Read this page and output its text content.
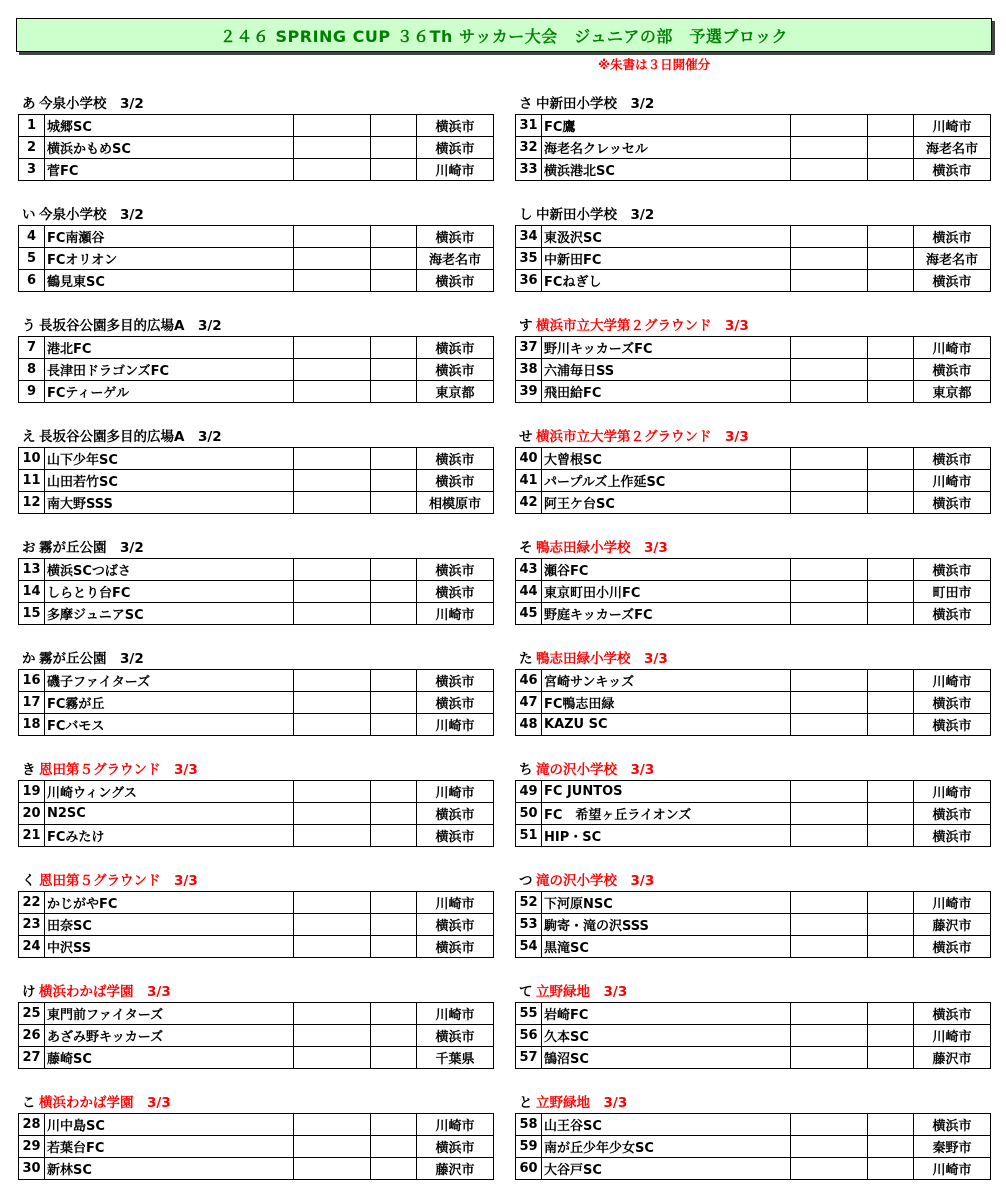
２４６ SPRING CUP ３６Th サッカー大会　ジュニアの部　予選ブロック
※朱書は３日開催分
あ 今泉小学校　3/2
1	城郷SC			横浜市
2	横浜かもめSC			横浜市
3	菅FC			川崎市
い 今泉小学校　3/2
4	FC南瀬谷			横浜市
5	FCオリオン			海老名市
6	鶴見東SC			横浜市
う 長坂谷公園多目的広場A　3/2
7	港北FC			横浜市
8	長津田ドラゴンズFC			横浜市
9	FCティーゲル			東京都
え 長坂谷公園多目的広場A　3/2
10	山下少年SC			横浜市
11	山田若竹SC			横浜市
12	南大野SSS			相模原市
お 霧が丘公園　3/2
13	横浜SCつばさ			横浜市
14	しらとり台FC			横浜市
15	多摩ジュニアSC			川崎市
か 霧が丘公園　3/2
16	磯子ファイターズ			横浜市
17	FC霧が丘			横浜市
18	FCバモス			川崎市
き 恩田第５グラウンド　3/3
19	川崎ウィングス			川崎市
20	N2SC			横浜市
21	FCみたけ			横浜市
く 恩田第５グラウンド　3/3
22	かじがやFC			川崎市
23	田奈SC			横浜市
24	中沢SS			横浜市
け 横浜わかば学園　3/3
25	東門前ファイターズ			川崎市
26	あざみ野キッカーズ			横浜市
27	藤崎SC			千葉県
こ 横浜わかば学園　3/3
28	川中島SC			川崎市
29	若葉台FC			横浜市
30	新林SC			藤沢市
さ 中新田小学校　3/2
31	FC鷹			川崎市
32	海老名クレッセル			海老名市
33	横浜港北SC			横浜市
し 中新田小学校　3/2
34	東汲沢SC			横浜市
35	中新田FC			海老名市
36	FCねぎし			横浜市
す 横浜市立大学第２グラウンド　3/3
37	野川キッカーズFC			川崎市
38	六浦毎日SS			横浜市
39	飛田給FC			東京都
せ 横浜市立大学第２グラウンド　3/3
40	大曾根SC			横浜市
41	パープルズ上作延SC			川崎市
42	阿王ケ台SC			横浜市
そ 鴨志田緑小学校　3/3
43	瀬谷FC			横浜市
44	東京町田小川FC			町田市
45	野庭キッカーズFC			横浜市
た 鴨志田緑小学校　3/3
46	宮崎サンキッズ			川崎市
47	FC鴨志田緑			横浜市
48	KAZU SC			横浜市
ち 滝の沢小学校　3/3
49	FC JUNTOS			川崎市
50	FC　希望ヶ丘ライオンズ			横浜市
51	HIP・SC			横浜市
つ 滝の沢小学校　3/3
52	下河原NSC			川崎市
53	駒寄・滝の沢SSS			藤沢市
54	黒滝SC			横浜市
て 立野緑地　3/3
55	岩崎FC			横浜市
56	久本SC			川崎市
57	鵠沼SC			藤沢市
と 立野緑地　3/3
58	山王谷SC			横浜市
59	南が丘少年少女SC			秦野市
60	大谷戸SC			川崎市
